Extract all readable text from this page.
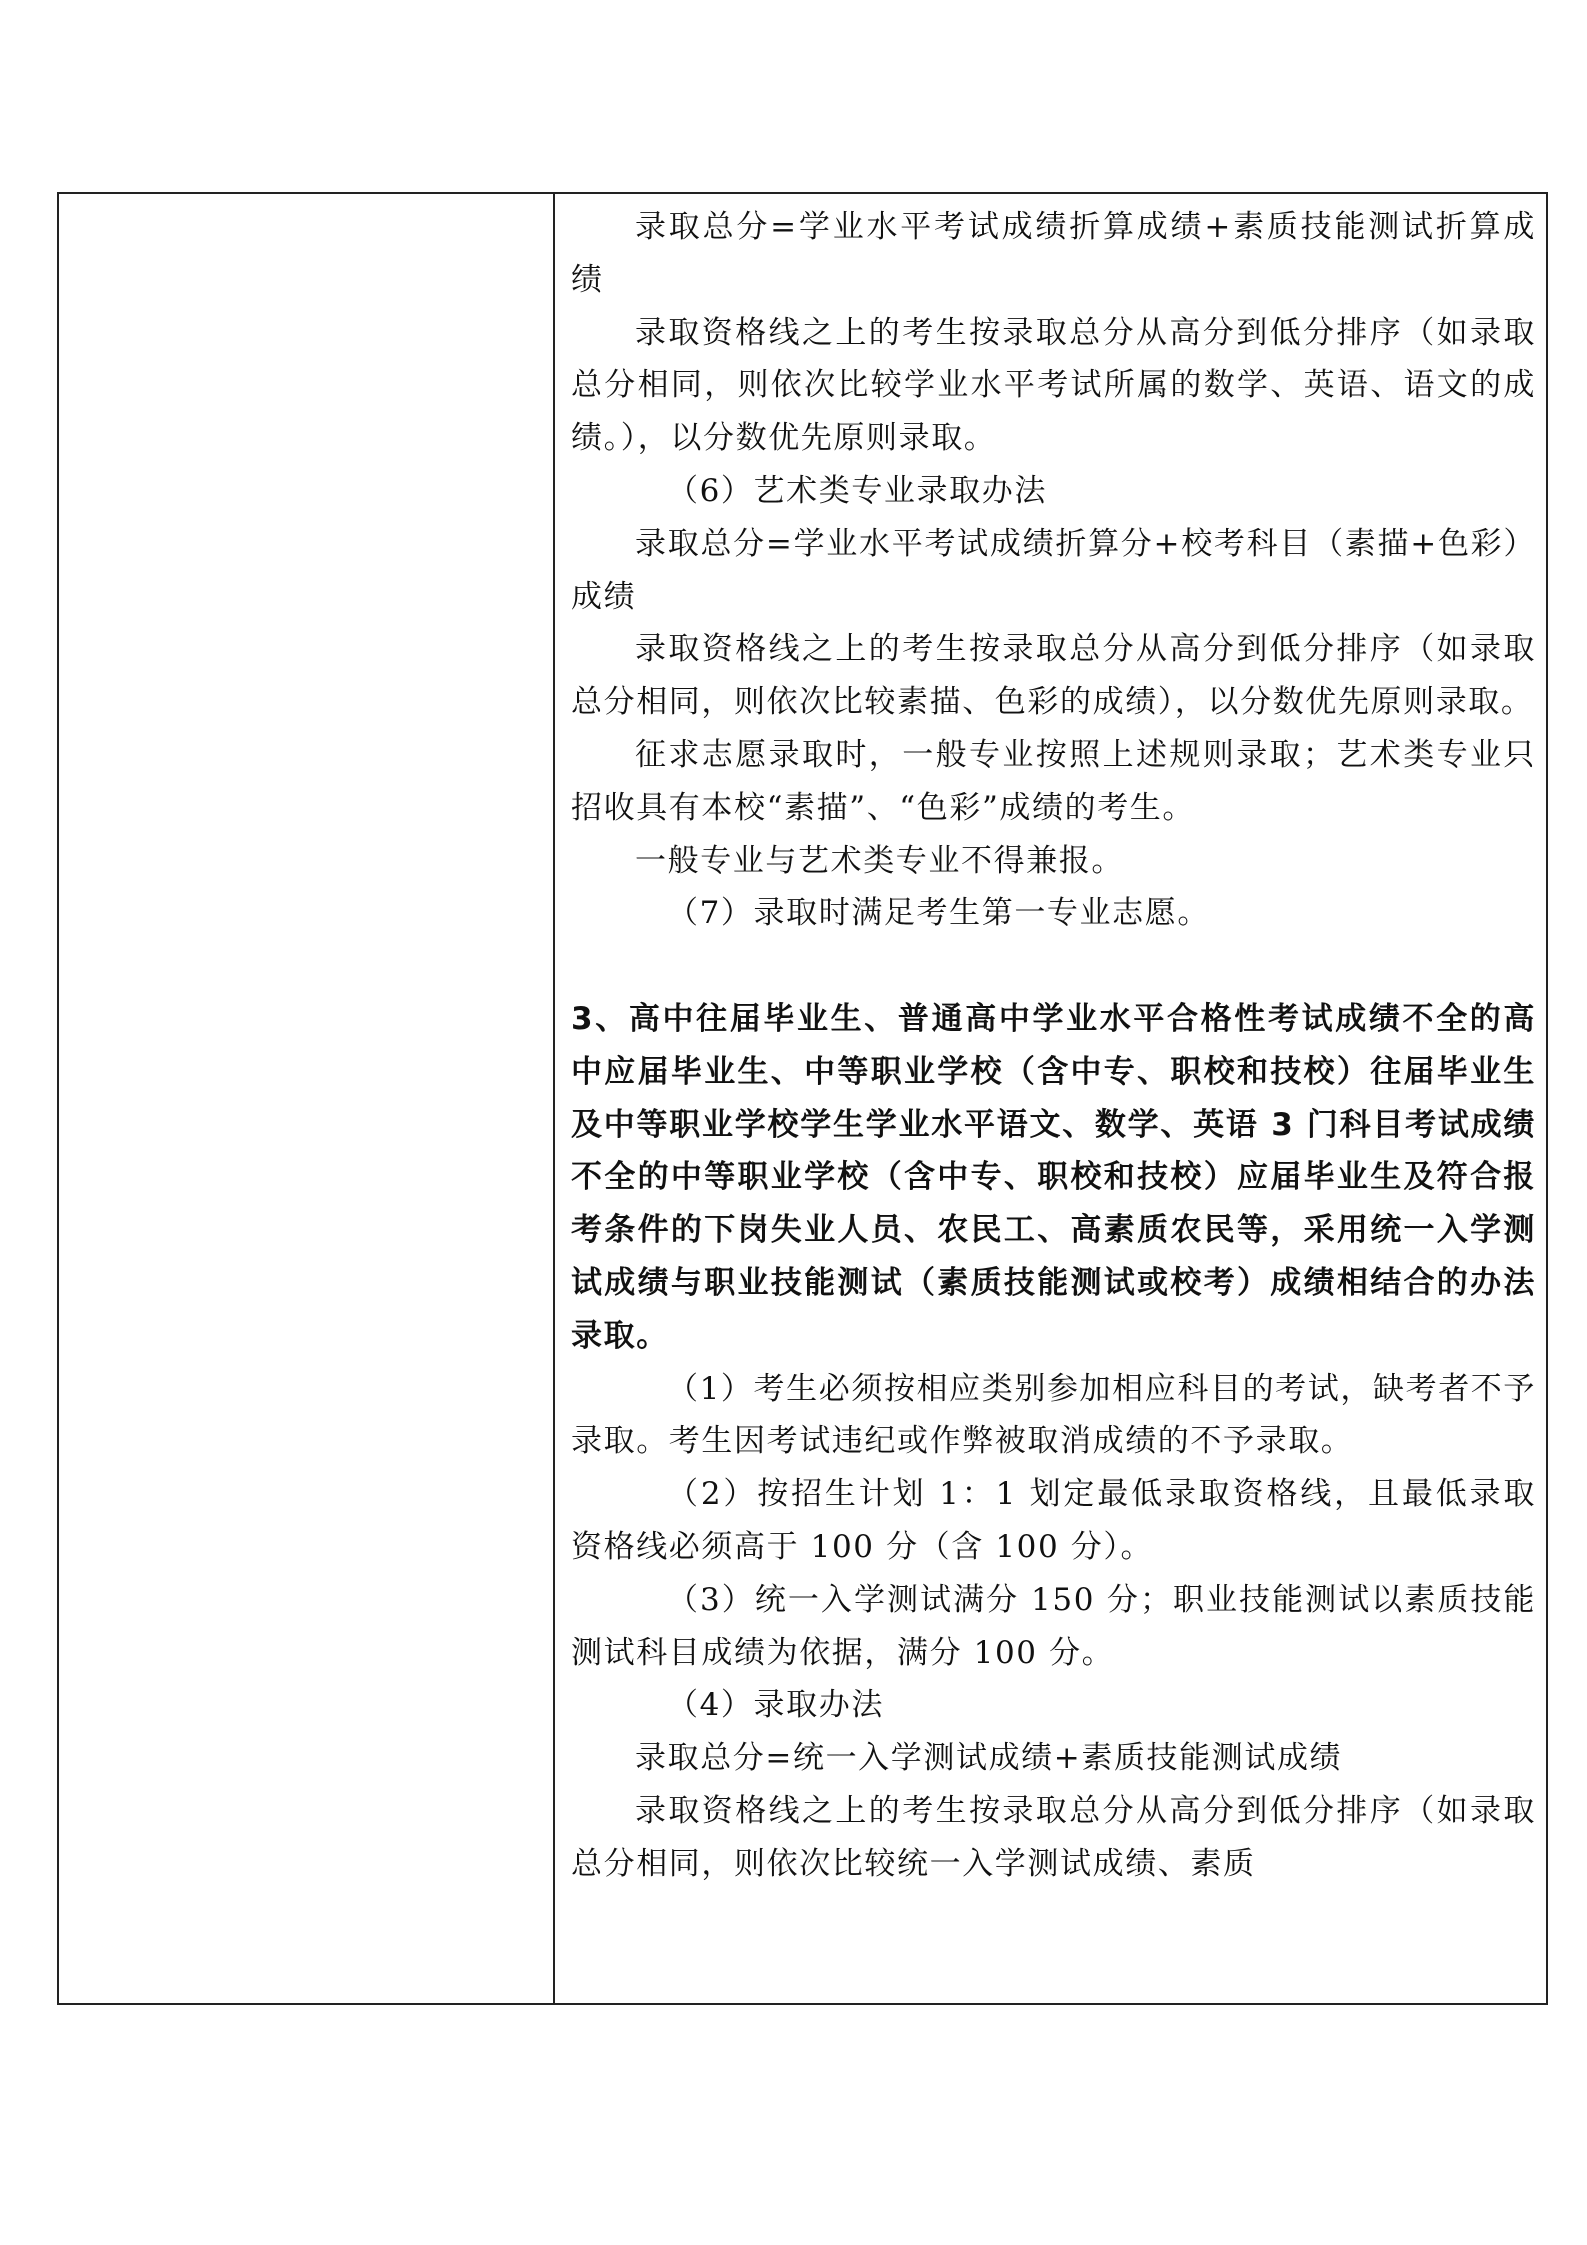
录取总分=学业水平考试成绩折算成绩+素质技能测试折算成绩

录取资格线之上的考生按录取总分从高分到低分排序（如录取总分相同，则依次比较学业水平考试所属的数学、英语、语文的成绩。），以分数优先原则录取。

（6）艺术类专业录取办法

录取总分=学业水平考试成绩折算分+校考科目（素描+色彩）成绩

录取资格线之上的考生按录取总分从高分到低分排序（如录取总分相同，则依次比较素描、色彩的成绩），以分数优先原则录取。

征求志愿录取时，一般专业按照上述规则录取；艺术类专业只招收具有本校“素描”、“色彩”成绩的考生。

一般专业与艺术类专业不得兼报。

（7）录取时满足考生第一专业志愿。

3、高中往届毕业生、普通高中学业水平合格性考试成绩不全的高中应届毕业生、中等职业学校（含中专、职校和技校）往届毕业生及中等职业学校学生学业水平语文、数学、英语 3 门科目考试成绩不全的中等职业学校（含中专、职校和技校）应届毕业生及符合报考条件的下岗失业人员、农民工、高素质农民等，采用统一入学测试成绩与职业技能测试（素质技能测试或校考）成绩相结合的办法录取。

（1）考生必须按相应类别参加相应科目的考试，缺考者不予录取。考生因考试违纪或作弊被取消成绩的不予录取。

（2）按招生计划 1：1 划定最低录取资格线，且最低录取资格线必须高于 100 分（含 100 分）。

（3）统一入学测试满分 150 分；职业技能测试以素质技能测试科目成绩为依据，满分 100 分。

（4）录取办法

录取总分=统一入学测试成绩+素质技能测试成绩

录取资格线之上的考生按录取总分从高分到低分排序（如录取总分相同，则依次比较统一入学测试成绩、素质
